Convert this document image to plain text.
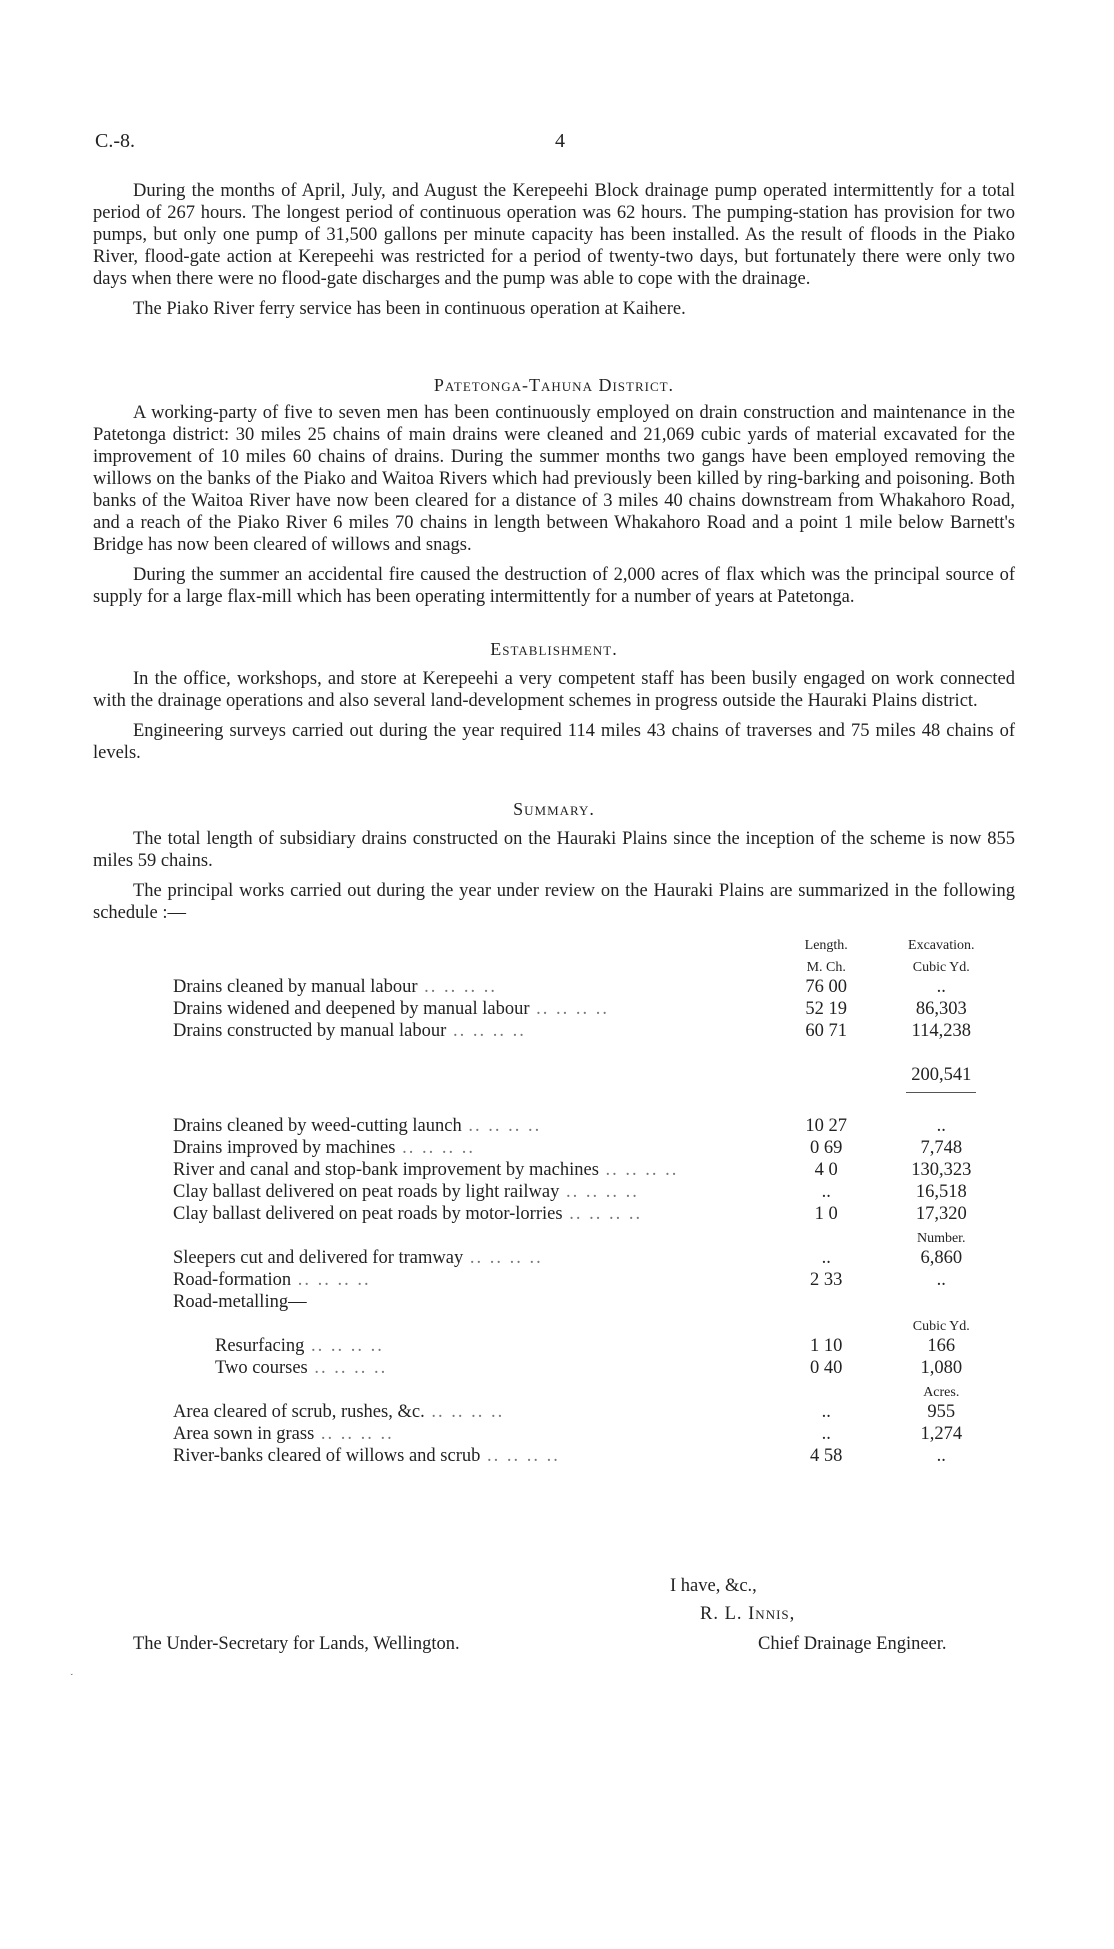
C.-8.	4

During the months of April, July, and August the Kerepeehi Block drainage pump operated intermittently for a total period of 267 hours. The longest period of continuous operation was 62 hours. The pumping-station has provision for two pumps, but only one pump of 31,500 gallons per minute capacity has been installed. As the result of floods in the Piako River, flood-gate action at Kerepeehi was restricted for a period of twenty-two days, but fortunately there were only two days when there were no flood-gate discharges and the pump was able to cope with the drainage.

The Piako River ferry service has been in continuous operation at Kaihere.

Patetonga-Tahuna District.

A working-party of five to seven men has been continuously employed on drain construction and maintenance in the Patetonga district: 30 miles 25 chains of main drains were cleaned and 21,069 cubic yards of material excavated for the improvement of 10 miles 60 chains of drains. During the summer months two gangs have been employed removing the willows on the banks of the Piako and Waitoa Rivers which had previously been killed by ring-barking and poisoning. Both banks of the Waitoa River have now been cleared for a distance of 3 miles 40 chains downstream from Whakahoro Road, and a reach of the Piako River 6 miles 70 chains in length between Whakahoro Road and a point 1 mile below Barnett's Bridge has now been cleared of willows and snags.

During the summer an accidental fire caused the destruction of 2,000 acres of flax which was the principal source of supply for a large flax-mill which has been operating intermittently for a number of years at Patetonga.

Establishment.

In the office, workshops, and store at Kerepeehi a very competent staff has been busily engaged on work connected with the drainage operations and also several land-development schemes in progress outside the Hauraki Plains district.

Engineering surveys carried out during the year required 114 miles 43 chains of traverses and 75 miles 48 chains of levels.

Summary.

The total length of subsidiary drains constructed on the Hauraki Plains since the inception of the scheme is now 855 miles 59 chains.

The principal works carried out during the year under review on the Hauraki Plains are summarized in the following schedule :—

	Length.	Excavation.

	M. Ch.	Cubic Yd.

Drains cleaned by manual labour .. .. .. ..	76 00	..
Drains widened and deepened by manual labour .. .. .. ..	52 19	86,303
Drains constructed by manual labour .. .. .. ..	60 71	114,238

		200,541

Drains cleaned by weed-cutting launch .. .. .. ..	10 27	..
Drains improved by machines .. .. .. ..	0 69	7,748
River and canal and stop-bank improvement by machines .. .. .. ..	4 0	130,323
Clay ballast delivered on peat roads by light railway .. .. .. ..	..	16,518
Clay ballast delivered on peat roads by motor-lorries .. .. .. ..	1 0	17,320

		Number.

Sleepers cut and delivered for tramway .. .. .. ..	..	6,860
Road-formation .. .. .. ..	2 33	..
Road-metalling—		

		Cubic Yd.

Resurfacing .. .. .. ..	1 10	166
Two courses .. .. .. ..	0 40	1,080

		Acres.

Area cleared of scrub, rushes, &c. .. .. .. ..	..	955
Area sown in grass .. .. .. ..	..	1,274
River-banks cleared of willows and scrub .. .. .. ..	4 58	..
I have, &c.,
R. L. Innis,
The Under-Secretary for Lands, Wellington.	Chief Drainage Engineer.
˯
